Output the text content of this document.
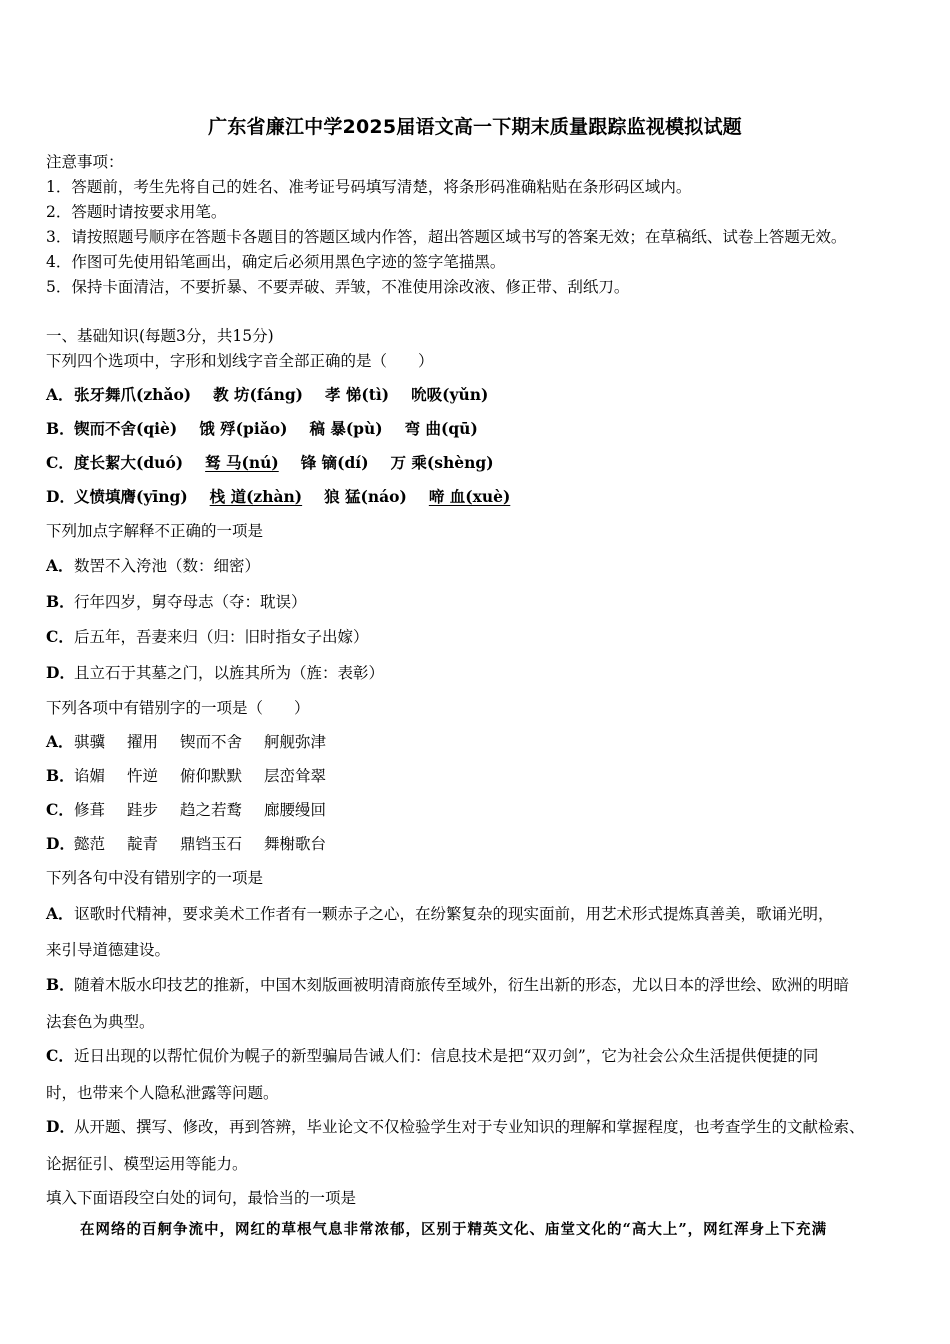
广东省廉江中学2025届语文高一下期末质量跟踪监视模拟试题
注意事项：
1．答题前，考生先将自己的姓名、准考证号码填写清楚，将条形码准确粘贴在条形码区域内。
2．答题时请按要求用笔。
3．请按照题号顺序在答题卡各题目的答题区域内作答，超出答题区域书写的答案无效；在草稿纸、试卷上答题无效。
4．作图可先使用铅笔画出，确定后必须用黑色字迹的签字笔描黑。
5．保持卡面清洁，不要折暴、不要弄破、弄皱，不准使用涂改液、修正带、刮纸刀。
一、基础知识(每题3分，共15分)
下列四个选项中，字形和划线字音全部正确的是（　　）
A．张牙舞爪(zhǎo) 教 坊(fáng) 孝 悌(tì) 吮吸(yǔn)
B．锲而不舍(qiè) 饿 殍(piǎo) 稿 暴(pù) 弯 曲(qū)
C．度长絜大(duó) 驽 马(nú) 锋 镝(dí) 万 乘(shèng)
D．义愤填膺(yīng) 栈 道(zhàn) 狼 猛(náo) 啼 血(xuè)
下列加点字解释不正确的一项是
A．数罟不入洿池（数：细密）
B．行年四岁，舅夺母志（夺：耽误）
C．后五年，吾妻来归（归：旧时指女子出嫁）
D．且立石于其墓之门，以旌其所为（旌：表彰）
下列各项中有错别字的一项是（　　）
A．骐骥 擢用 锲而不舍 舸舰弥津
B．谄媚 忤逆 俯仰默默 层峦耸翠
C．修葺 跬步 趋之若鹜 廊腰缦回
D．懿范 靛青 鼎铛玉石 舞榭歌台
下列各句中没有错别字的一项是
A．讴歌时代精神，要求美术工作者有一颗赤子之心，在纷繁复杂的现实面前，用艺术形式提炼真善美，歌诵光明，
来引导道德建设。
B．随着木版水印技艺的推新，中国木刻版画被明清商旅传至域外，衍生出新的形态，尤以日本的浮世绘、欧洲的明暗
法套色为典型。
C．近日出现的以帮忙侃价为幌子的新型骗局告诫人们：信息技术是把“双刃剑”，它为社会公众生活提供便捷的同
时，也带来个人隐私泄露等问题。
D．从开题、撰写、修改，再到答辨，毕业论文不仅检验学生对于专业知识的理解和掌握程度，也考查学生的文献检索、
论据征引、模型运用等能力。
填入下面语段空白处的词句，最恰当的一项是
在网络的百舸争流中，网红的草根气息非常浓郁，区别于精英文化、庙堂文化的“高大上”，网红浑身上下充满
